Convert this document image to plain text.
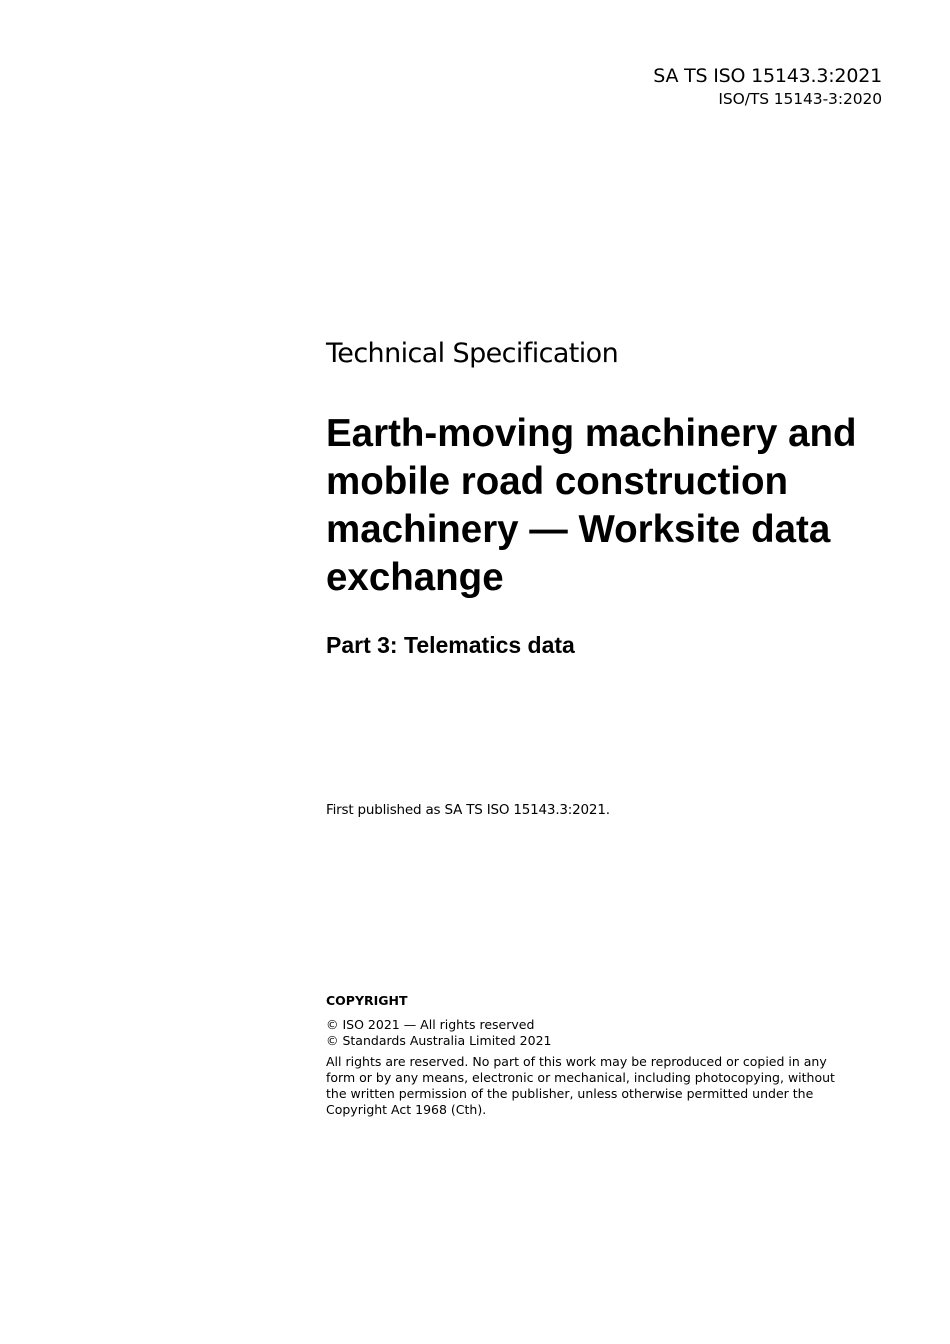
SA TS ISO 15143.3:2021
ISO/TS 15143-3:2020
Technical Specification
Earth-moving machinery and mobile road construction machinery — Worksite data exchange
Part 3: Telematics data
First published as SA TS ISO 15143.3:2021.
COPYRIGHT
© ISO 2021 — All rights reserved
© Standards Australia Limited 2021
All rights are reserved. No part of this work may be reproduced or copied in any form or by any means, electronic or mechanical, including photocopying, without the written permission of the publisher, unless otherwise permitted under the Copyright Act 1968 (Cth).
